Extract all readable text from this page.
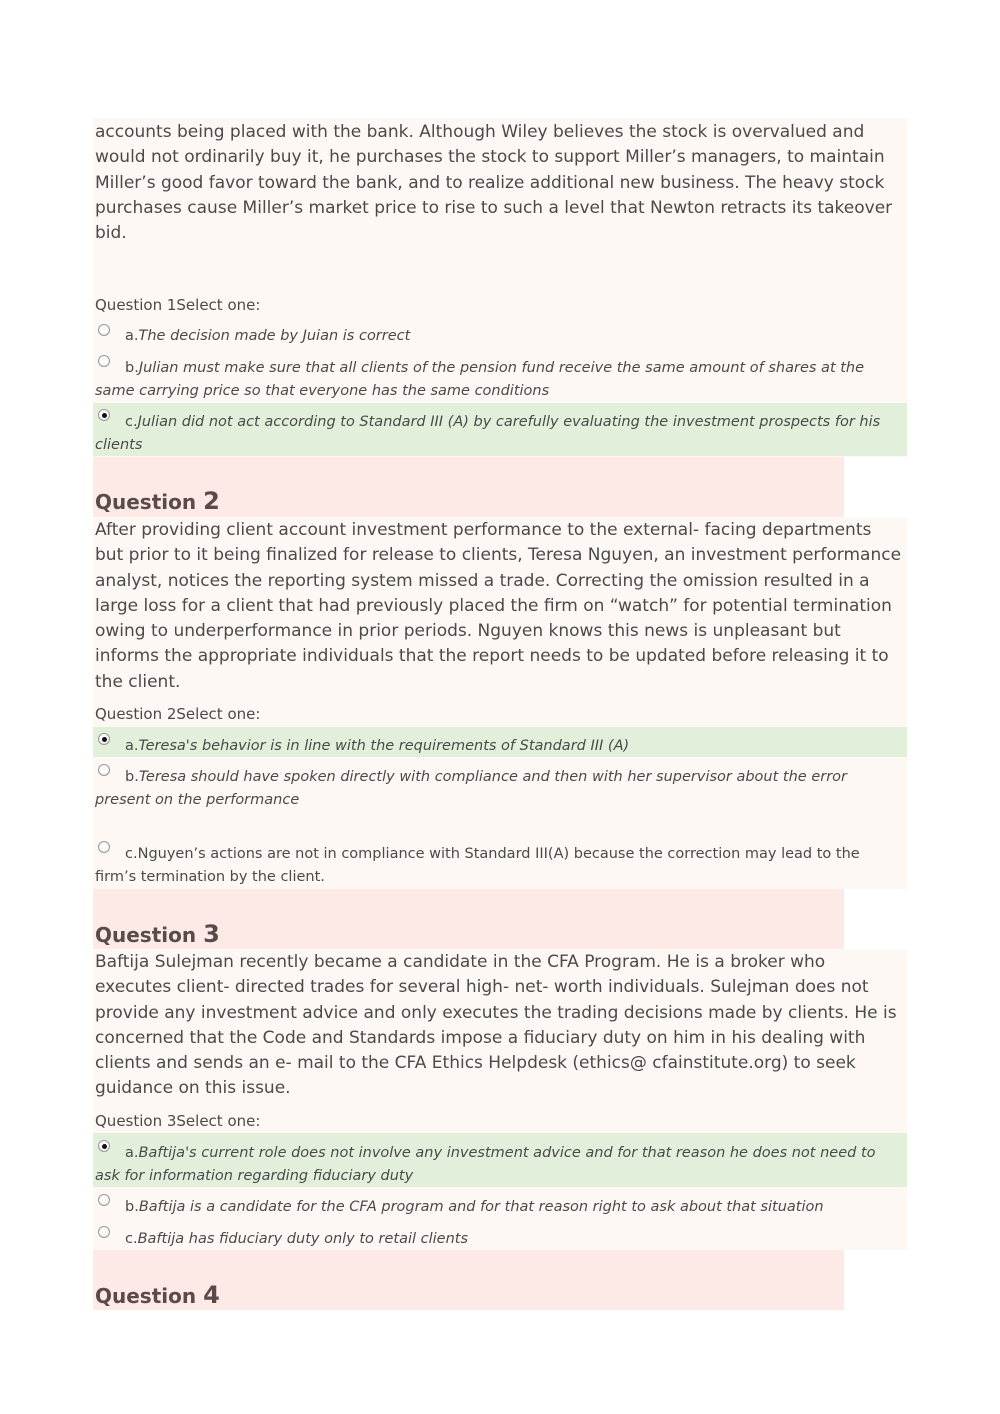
accounts being placed with the bank. Although Wiley believes the stock is overvalued and would not ordinarily buy it, he purchases the stock to support Miller’s managers, to maintain Miller’s good favor toward the bank, and to realize additional new business. The heavy stock purchases cause Miller’s market price to rise to such a level that Newton retracts its takeover bid.
Question 1Select one:
a.The decision made by Juian is correct
b.Julian must make sure that all clients of the pension fund receive the same amount of shares at the same carrying price so that everyone has the same conditions
c.Julian did not act according to Standard III (A) by carefully evaluating the investment prospects for his clients
Question 2
After providing client account investment performance to the external- facing departments but prior to it being finalized for release to clients, Teresa Nguyen, an investment performance analyst, notices the reporting system missed a trade. Correcting the omission resulted in a large loss for a client that had previously placed the firm on “watch” for potential termination owing to underperformance in prior periods. Nguyen knows this news is unpleasant but informs the appropriate individuals that the report needs to be updated before releasing it to the client.
Question 2Select one:
a.Teresa's behavior is in line with the requirements of Standard III (A)
b.Teresa should have spoken directly with compliance and then with her supervisor about the error present on the performance
c.Nguyen’s actions are not in compliance with Standard III(A) because the correction may lead to the firm’s termination by the client.
Question 3
Baftija Sulejman recently became a candidate in the CFA Program. He is a broker who executes client- directed trades for several high- net- worth individuals. Sulejman does not provide any investment advice and only executes the trading decisions made by clients. He is concerned that the Code and Standards impose a fiduciary duty on him in his dealing with clients and sends an e- mail to the CFA Ethics Helpdesk (ethics@ cfainstitute.org) to seek guidance on this issue.
Question 3Select one:
a.Baftija's current role does not involve any investment advice and for that reason he does not need to ask for information regarding fiduciary duty
b.Baftija is a candidate for the CFA program and for that reason right to ask about that situation
c.Baftija has fiduciary duty only to retail clients
Question 4
